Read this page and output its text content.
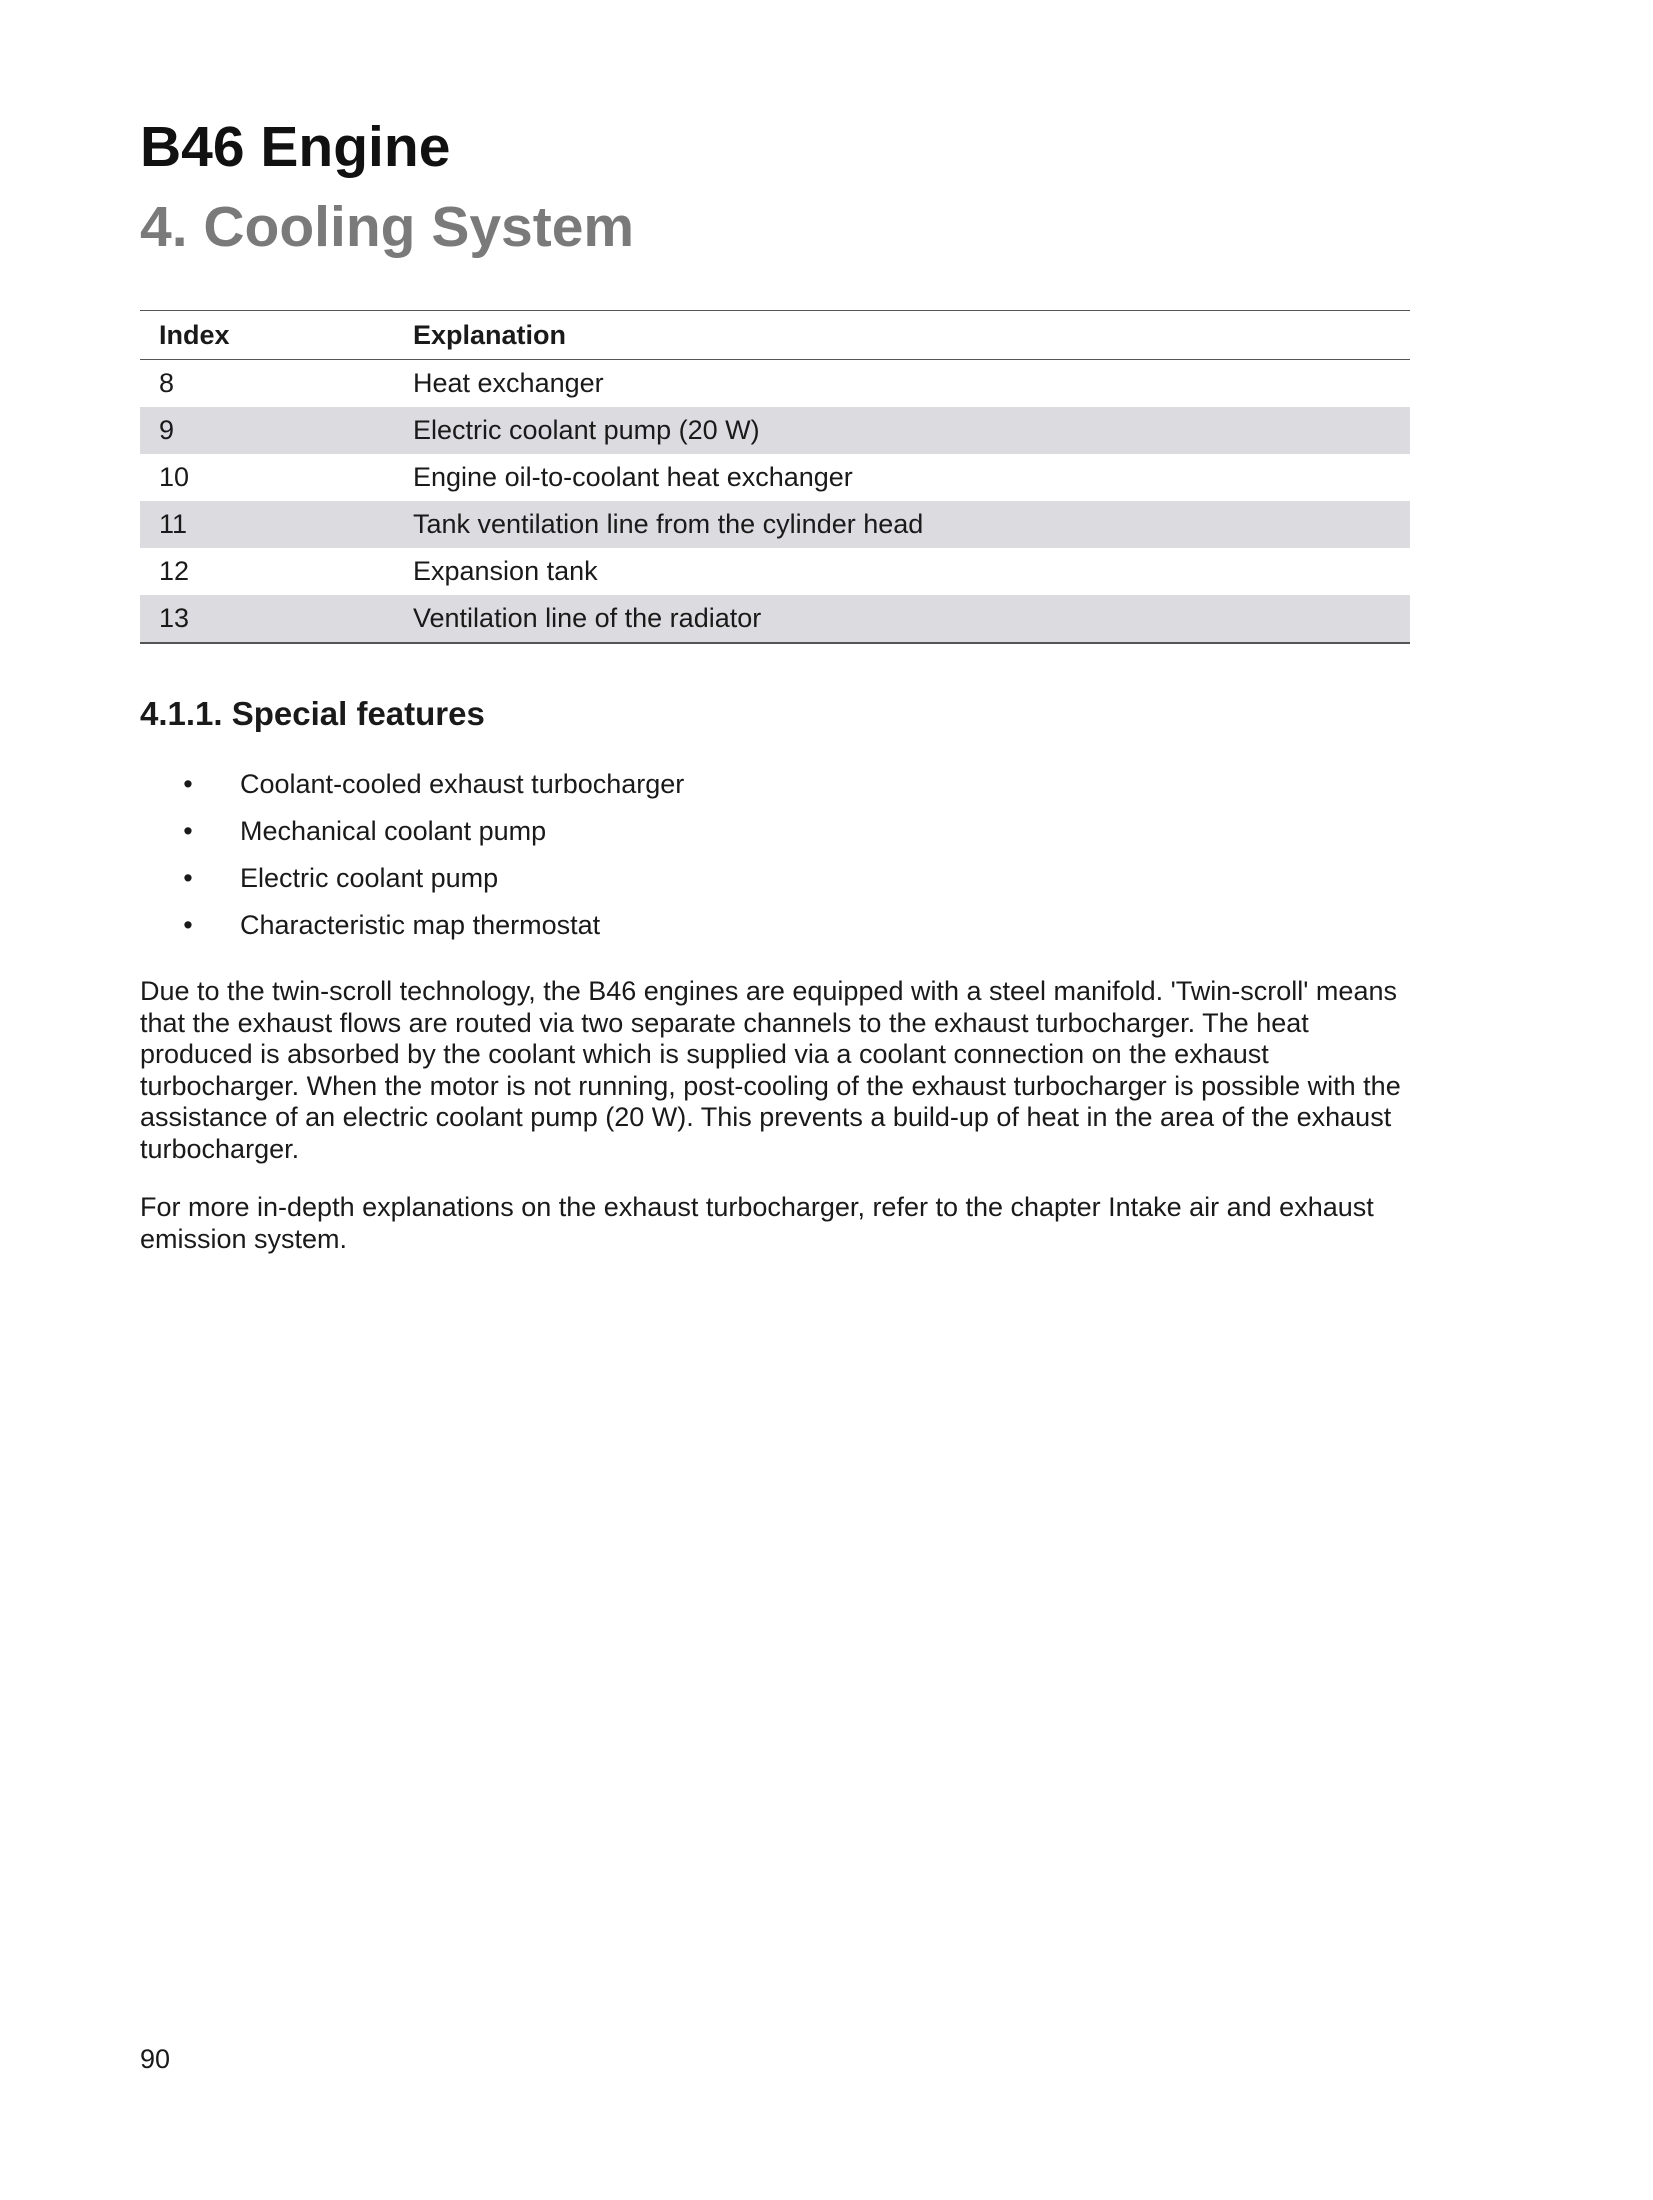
B46 Engine
4. Cooling System
Index	Explanation
8	Heat exchanger
9	Electric coolant pump (20 W)
10	Engine oil-to-coolant heat exchanger
11	Tank ventilation line from the cylinder head
12	Expansion tank
13	Ventilation line of the radiator
4.1.1. Special features
• Coolant-cooled exhaust turbocharger
• Mechanical coolant pump
• Electric coolant pump
• Characteristic map thermostat

Due to the twin-scroll technology, the B46 engines are equipped with a steel manifold. 'Twin-scroll' means that the exhaust flows are routed via two separate channels to the exhaust turbocharger. The heat produced is absorbed by the coolant which is supplied via a coolant connection on the exhaust turbocharger. When the motor is not running, post-cooling of the exhaust turbocharger is possible with the assistance of an electric coolant pump (20 W). This prevents a build-up of heat in the area of the exhaust turbocharger.

For more in-depth explanations on the exhaust turbocharger, refer to the chapter Intake air and exhaust emission system.

90
